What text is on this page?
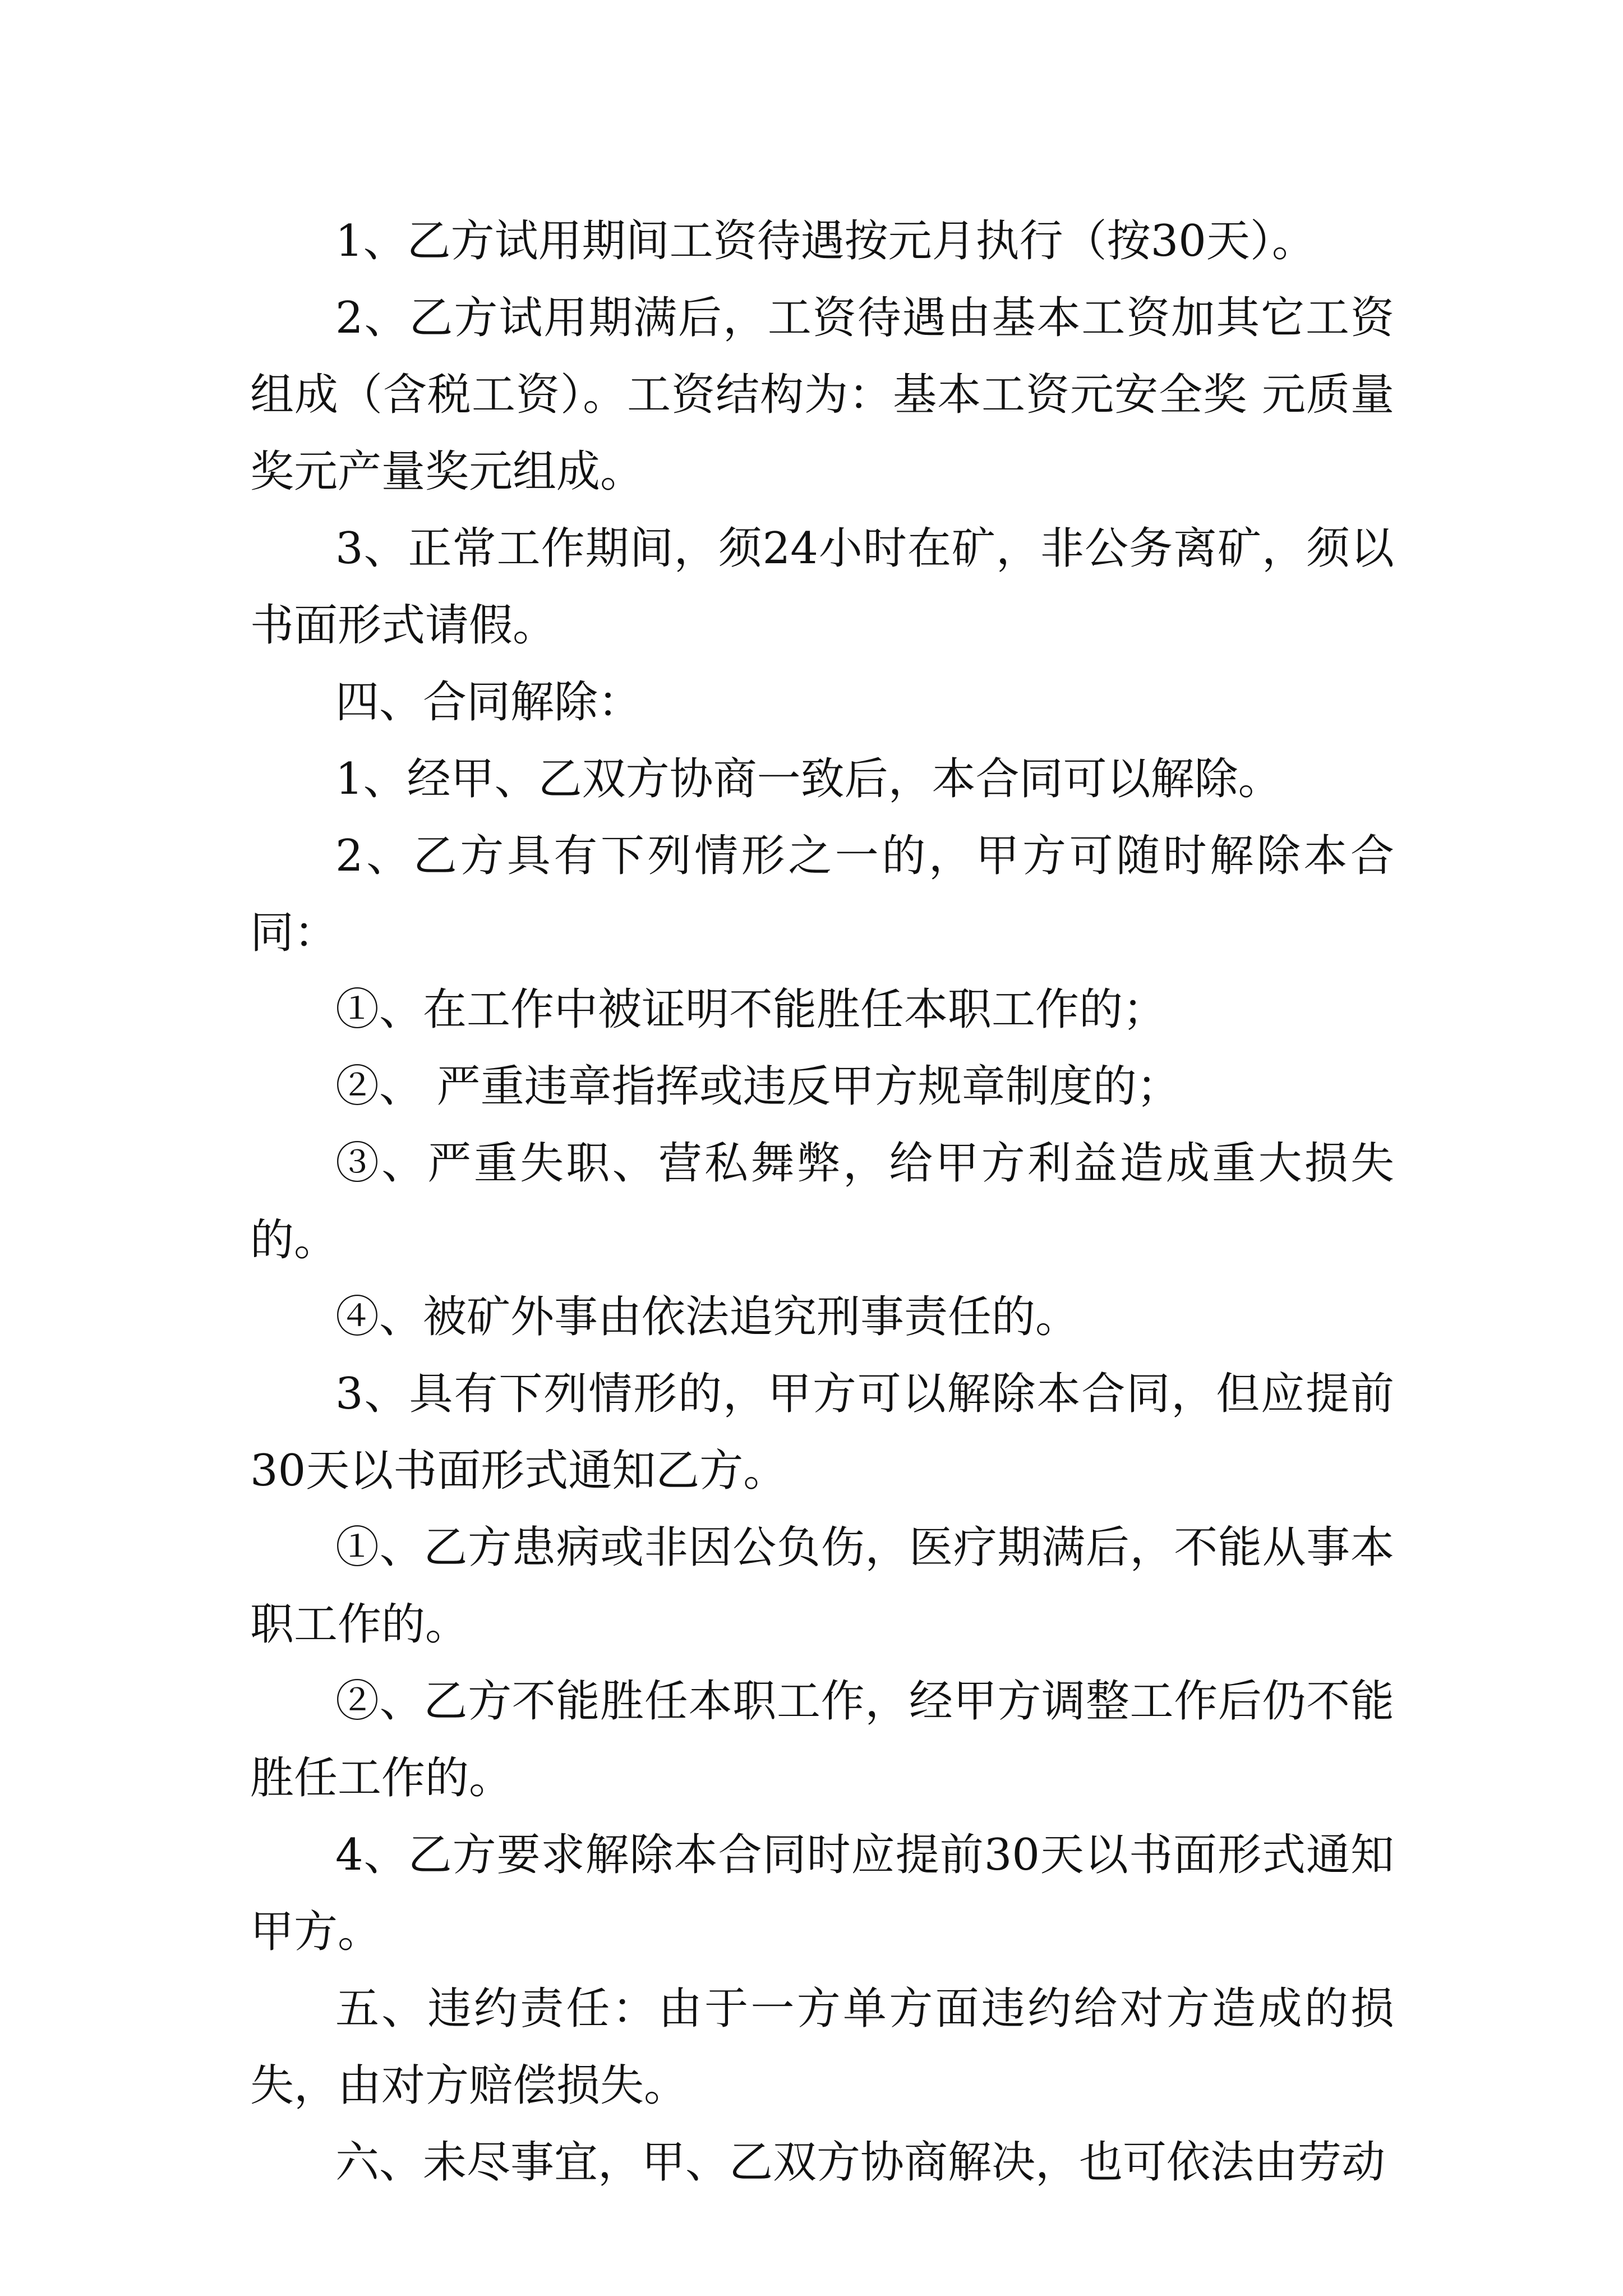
1、乙方试用期间工资待遇按元月执行（按30天）。

2、乙方试用期满后，工资待遇由基本工资加其它工资组成（含税工资）。工资结构为：基本工资元安全奖 元质量奖元产量奖元组成。

3、正常工作期间，须24小时在矿，非公务离矿，须以书面形式请假。

四、合同解除：

1、经甲、乙双方协商一致后，本合同可以解除。

2、乙方具有下列情形之一的，甲方可随时解除本合同：

①、在工作中被证明不能胜任本职工作的；

②、 严重违章指挥或违反甲方规章制度的；

③、严重失职、营私舞弊，给甲方利益造成重大损失的。

④、被矿外事由依法追究刑事责任的。

3、具有下列情形的，甲方可以解除本合同，但应提前30天以书面形式通知乙方。

①、乙方患病或非因公负伤，医疗期满后，不能从事本职工作的。

②、乙方不能胜任本职工作，经甲方调整工作后仍不能胜任工作的。

4、乙方要求解除本合同时应提前30天以书面形式通知甲方。

五、违约责任：由于一方单方面违约给对方造成的损失，由对方赔偿损失。

六、未尽事宜，甲、乙双方协商解决，也可依法由劳动
